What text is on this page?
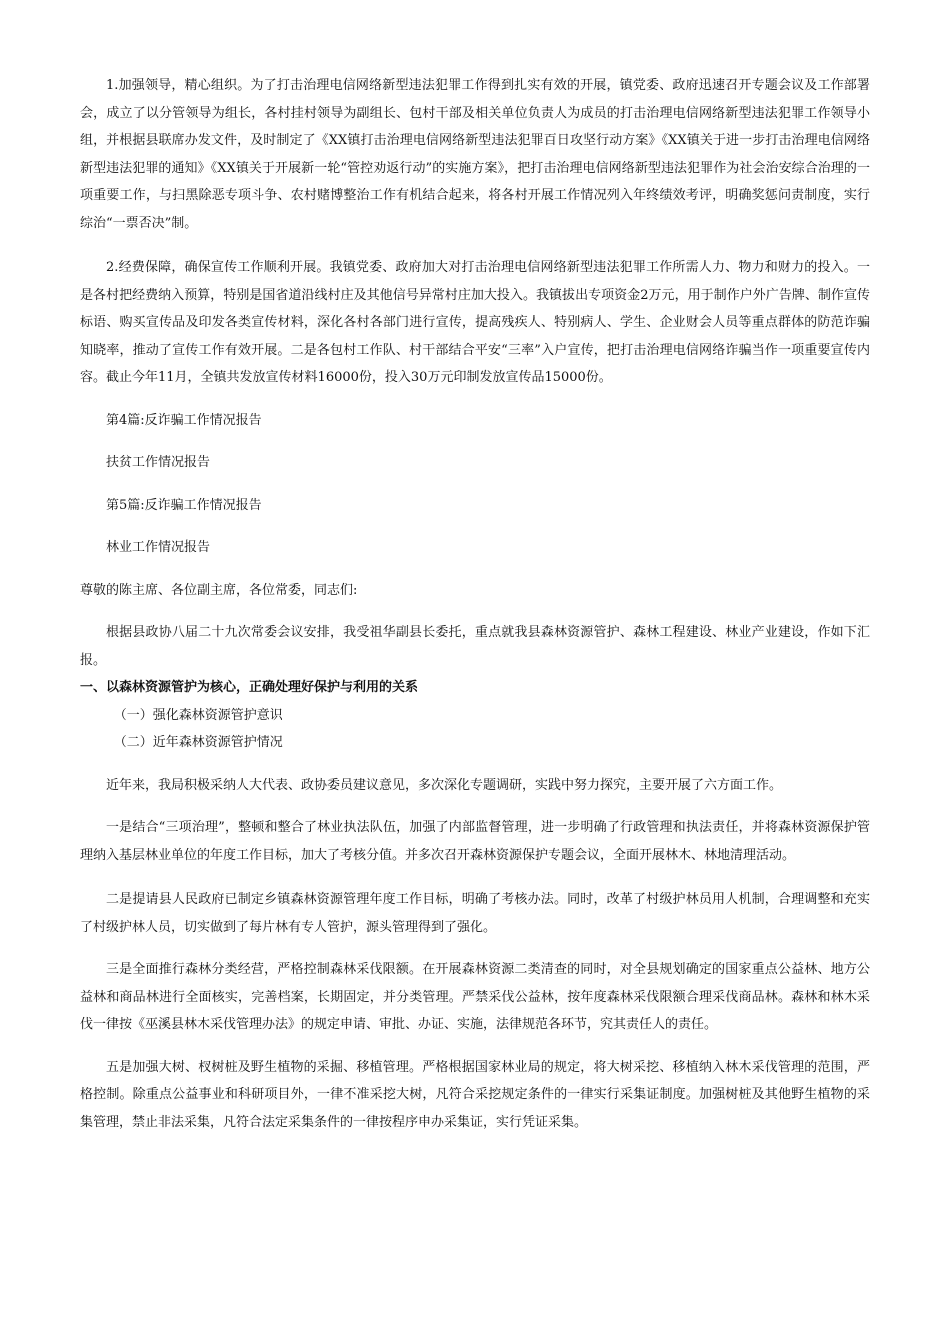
1.加强领导，精心组织。为了打击治理电信网络新型违法犯罪工作得到扎实有效的开展，镇党委、政府迅速召开专题会议及工作部署会，成立了以分管领导为组长，各村挂村领导为副组长、包村干部及相关单位负责人为成员的打击治理电信网络新型违法犯罪工作领导小组，并根据县联席办发文件，及时制定了《XX镇打击治理电信网络新型违法犯罪百日攻坚行动方案》《XX镇关于进一步打击治理电信网络新型违法犯罪的通知》《XX镇关于开展新一轮“管控劝返行动”的实施方案》，把打击治理电信网络新型违法犯罪作为社会治安综合治理的一项重要工作，与扫黑除恶专项斗争、农村赌博整治工作有机结合起来，将各村开展工作情况列入年终绩效考评，明确奖惩问责制度，实行综治“一票否决”制。

2.经费保障，确保宣传工作顺利开展。我镇党委、政府加大对打击治理电信网络新型违法犯罪工作所需人力、物力和财力的投入。一是各村把经费纳入预算，特别是国省道沿线村庄及其他信号异常村庄加大投入。我镇拔出专项资金2万元，用于制作户外广告牌、制作宣传标语、购买宣传品及印发各类宣传材料，深化各村各部门进行宣传，提高残疾人、特别病人、学生、企业财会人员等重点群体的防范诈骗知晓率，推动了宣传工作有效开展。二是各包村工作队、村干部结合平安“三率”入户宣传，把打击治理电信网络诈骗当作一项重要宣传内容。截止今年11月，全镇共发放宣传材料16000份，投入30万元印制发放宣传品15000份。

第4篇:反诈骗工作情况报告

扶贫工作情况报告

第5篇:反诈骗工作情况报告

林业工作情况报告

尊敬的陈主席、各位副主席，各位常委，同志们:

根据县政协八届二十九次常委会议安排，我受祖华副县长委托，重点就我县森林资源管护、森林工程建设、林业产业建设，作如下汇报。

一、以森林资源管护为核心，正确处理好保护与利用的关系

（一）强化森林资源管护意识

（二）近年森林资源管护情况

近年来，我局积极采纳人大代表、政协委员建议意见，多次深化专题调研，实践中努力探究，主要开展了六方面工作。

一是结合“三项治理”，整顿和整合了林业执法队伍，加强了内部监督管理，进一步明确了行政管理和执法责任，并将森林资源保护管理纳入基层林业单位的年度工作目标，加大了考核分值。并多次召开森林资源保护专题会议，全面开展林木、林地清理活动。

二是提请县人民政府已制定乡镇森林资源管理年度工作目标，明确了考核办法。同时，改革了村级护林员用人机制，合理调整和充实了村级护林人员，切实做到了每片林有专人管护，源头管理得到了强化。

三是全面推行森林分类经营，严格控制森林采伐限额。在开展森林资源二类清查的同时，对全县规划确定的国家重点公益林、地方公益林和商品林进行全面核实，完善档案，长期固定，并分类管理。严禁采伐公益林，按年度森林采伐限额合理采伐商品林。森林和林木采伐一律按《巫溪县林木采伐管理办法》的规定申请、审批、办证、实施，法律规范各环节，究其责任人的责任。

五是加强大树、杈树桩及野生植物的采掘、移植管理。严格根据国家林业局的规定，将大树采挖、移植纳入林木采伐管理的范围，严格控制。除重点公益事业和科研项目外，一律不准采挖大树，凡符合采挖规定条件的一律实行采集证制度。加强树桩及其他野生植物的采集管理，禁止非法采集，凡符合法定采集条件的一律按程序申办采集证，实行凭证采集。
